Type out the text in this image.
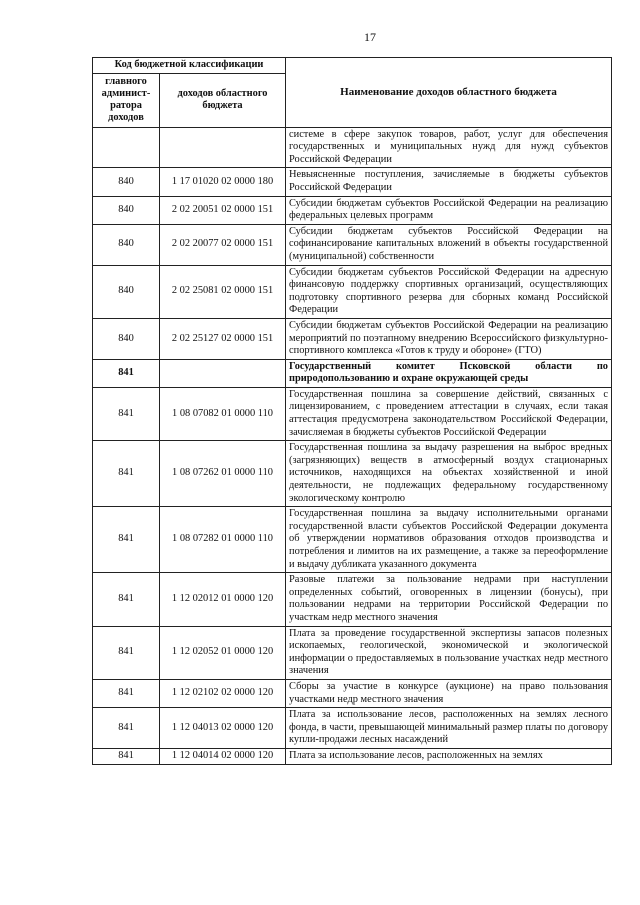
17
Код бюджетной классификации		Наименование доходов областного бюджета
главного админист-ратора доходов	доходов областного бюджета	
		системе в сфере закупок товаров, работ, услуг для обеспечения государственных и муниципальных нужд для нужд субъектов Российской Федерации
840	1 17 01020 02 0000 180	Невыясненные поступления, зачисляемые в бюджеты субъектов Российской Федерации
840	2 02 20051 02 0000 151	Субсидии бюджетам субъектов Российской Федерации на реализацию федеральных целевых программ
840	2 02 20077 02 0000 151	Субсидии бюджетам субъектов Российской Федерации на софинансирование капитальных вложений в объекты государственной (муниципальной) собственности
840	2 02 25081 02 0000 151	Субсидии бюджетам субъектов Российской Федерации на адресную финансовую поддержку спортивных организаций, осуществляющих подготовку спортивного резерва для сборных команд Российской Федерации
840	2 02 25127 02 0000 151	Субсидии бюджетам субъектов Российской Федерации на реализацию мероприятий по поэтапному внедрению Всероссийского физкультурно-спортивного комплекса «Готов к труду и обороне» (ГТО)
841		Государственный комитет Псковской области по природопользованию и охране окружающей среды
841	1 08 07082 01 0000 110	Государственная пошлина за совершение действий, связанных с лицензированием, с проведением аттестации в случаях, если такая аттестация предусмотрена законодательством Российской Федерации, зачисляемая в бюджеты субъектов Российской Федерации
841	1 08 07262 01 0000 110	Государственная пошлина за выдачу разрешения на выброс вредных (загрязняющих) веществ в атмосферный воздух стационарных источников, находящихся на объектах хозяйственной и иной деятельности, не подлежащих федеральному государственному экологическому контролю
841	1 08 07282 01 0000 110	Государственная пошлина за выдачу исполнительными органами государственной власти субъектов Российской Федерации документа об утверждении нормативов образования отходов производства и потребления и лимитов на их размещение, а также за переоформление и выдачу дубликата указанного документа
841	1 12 02012 01 0000 120	Разовые платежи за пользование недрами при наступлении определенных событий, оговоренных в лицензии (бонусы), при пользовании недрами на территории Российской Федерации по участкам недр местного значения
841	1 12 02052 01 0000 120	Плата за проведение государственной экспертизы запасов полезных ископаемых, геологической, экономической и экологической информации о предоставляемых в пользование участках недр местного значения
841	1 12 02102 02 0000 120	Сборы за участие в конкурсе (аукционе) на право пользования участками недр местного значения
841	1 12 04013 02 0000 120	Плата за использование лесов, расположенных на землях лесного фонда, в части, превышающей минимальный размер платы по договору купли-продажи лесных насаждений
841	1 12 04014 02 0000 120	Плата за использование лесов, расположенных на землях
